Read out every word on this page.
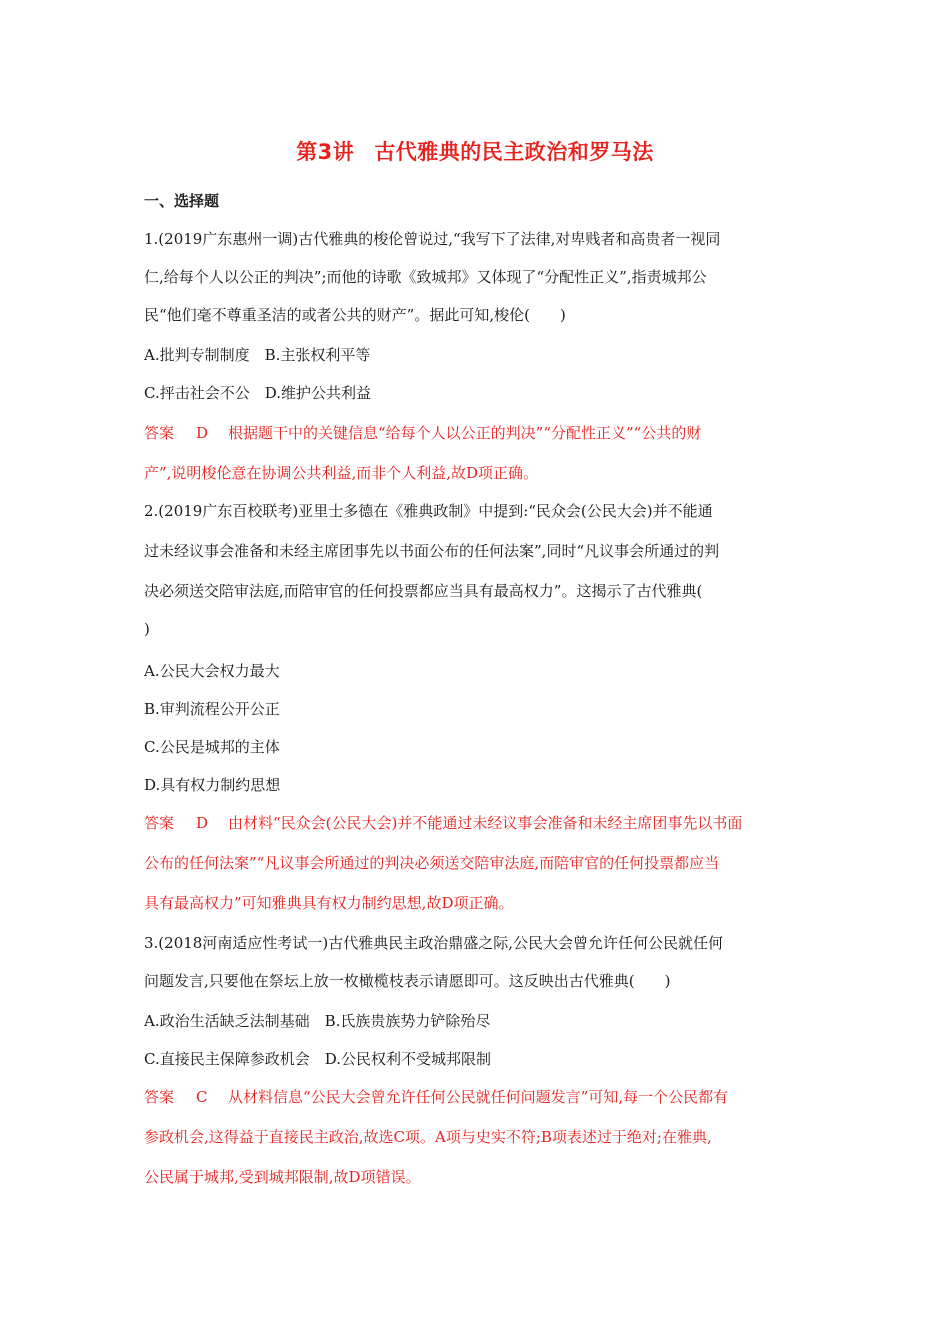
第3讲 古代雅典的民主政治和罗马法
一、选择题
1.(2019广东惠州一调)古代雅典的梭伦曾说过,“我写下了法律,对卑贱者和高贵者一视同
仁,给每个人以公正的判决”;而他的诗歌《致城邦》又体现了“分配性正义”,指责城邦公
民“他们毫不尊重圣洁的或者公共的财产”。据此可知,梭伦(　　)
A.批判专制制度　B.主张权利平等
C.抨击社会不公　D.维护公共利益
答案 D 根据题干中的关键信息“给每个人以公正的判决”“分配性正义”“公共的财
产”,说明梭伦意在协调公共利益,而非个人利益,故D项正确。
2.(2019广东百校联考)亚里士多德在《雅典政制》中提到:“民众会(公民大会)并不能通
过未经议事会准备和未经主席团事先以书面公布的任何法案”,同时“凡议事会所通过的判
决必须送交陪审法庭,而陪审官的任何投票都应当具有最高权力”。这揭示了古代雅典(
)
A.公民大会权力最大
B.审判流程公开公正
C.公民是城邦的主体
D.具有权力制约思想
答案 D 由材料“民众会(公民大会)并不能通过未经议事会准备和未经主席团事先以书面
公布的任何法案”“凡议事会所通过的判决必须送交陪审法庭,而陪审官的任何投票都应当
具有最高权力”可知雅典具有权力制约思想,故D项正确。
3.(2018河南适应性考试一)古代雅典民主政治鼎盛之际,公民大会曾允许任何公民就任何
问题发言,只要他在祭坛上放一枚橄榄枝表示请愿即可。这反映出古代雅典(　　)
A.政治生活缺乏法制基础　B.氏族贵族势力铲除殆尽
C.直接民主保障参政机会　D.公民权利不受城邦限制
答案 C 从材料信息“公民大会曾允许任何公民就任何问题发言”可知,每一个公民都有
参政机会,这得益于直接民主政治,故选C项。A项与史实不符;B项表述过于绝对;在雅典,
公民属于城邦,受到城邦限制,故D项错误。
